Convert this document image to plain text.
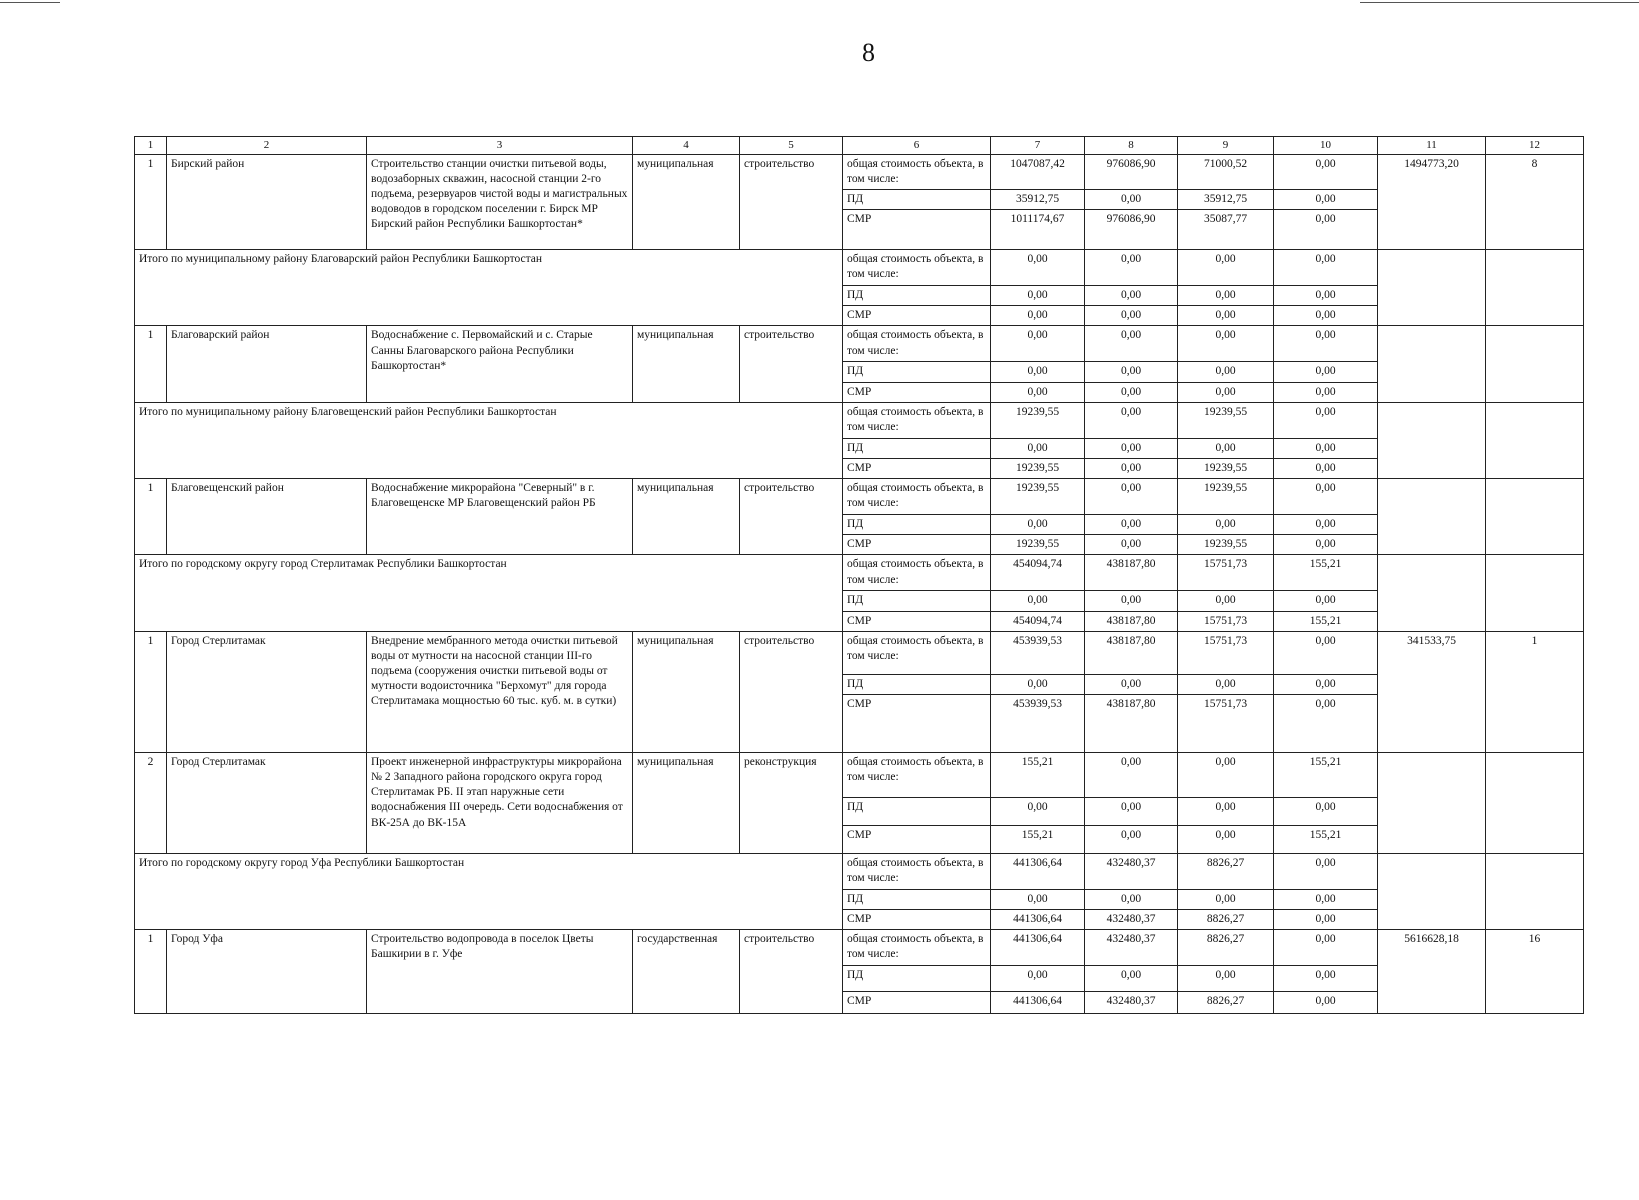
8
1	2	3	4	5	6	7	8	9	10	11	12
1	Бирский район	Строительство станции очистки питьевой воды, водозаборных скважин, насосной станции 2-го подъема, резервуаров чистой воды и магистральных водоводов в городском поселении г. Бирск МР Бирский район Республики Башкортостан*	муниципальная	строительство	общая стоимость объекта, в том числе:	1047087,42	976086,90	71000,52	0,00	1494773,20	8
					ПД	35912,75	0,00	35912,75	0,00		
					СМР	1011174,67	976086,90	35087,77	0,00		
Итого по муниципальному району Благоварский район Республики Башкортостан					общая стоимость объекта, в том числе:	0,00	0,00	0,00	0,00		
					ПД	0,00	0,00	0,00	0,00		
					СМР	0,00	0,00	0,00	0,00		
1	Благоварский район	Водоснабжение с. Первомайский и с. Старые Санны Благоварского района Республики Башкортостан*	муниципальная	строительство	общая стоимость объекта, в том числе:	0,00	0,00	0,00	0,00		
					ПД	0,00	0,00	0,00	0,00		
					СМР	0,00	0,00	0,00	0,00		
Итого по муниципальному району Благовещенский район Республики Башкортостан					общая стоимость объекта, в том числе:	19239,55	0,00	19239,55	0,00		
					ПД	0,00	0,00	0,00	0,00		
					СМР	19239,55	0,00	19239,55	0,00		
1	Благовещенский район	Водоснабжение микрорайона "Северный" в г. Благовещенске МР Благовещенский район РБ	муниципальная	строительство	общая стоимость объекта, в том числе:	19239,55	0,00	19239,55	0,00		
					ПД	0,00	0,00	0,00	0,00		
					СМР	19239,55	0,00	19239,55	0,00		
Итого по городскому округу город Стерлитамак Республики Башкортостан					общая стоимость объекта, в том числе:	454094,74	438187,80	15751,73	155,21		
					ПД	0,00	0,00	0,00	0,00		
					СМР	454094,74	438187,80	15751,73	155,21		
1	Город Стерлитамак	Внедрение мембранного метода очистки питьевой воды от мутности на насосной станции III-го подъема (сооружения очистки питьевой воды от мутности водоисточника "Берхомут" для города Стерлитамака мощностью 60 тыс. куб. м. в сутки)	муниципальная	строительство	общая стоимость объекта, в том числе:	453939,53	438187,80	15751,73	0,00	341533,75	1
					ПД	0,00	0,00	0,00	0,00		
					СМР	453939,53	438187,80	15751,73	0,00		
2	Город Стерлитамак	Проект инженерной инфраструктуры микрорайона № 2 Западного района городского округа город Стерлитамак РБ. II этап наружные сети водоснабжения III очередь. Сети водоснабжения от ВК-25А до ВК-15А	муниципальная	реконструкция	общая стоимость объекта, в том числе:	155,21	0,00	0,00	155,21		
					ПД	0,00	0,00	0,00	0,00		
					СМР	155,21	0,00	0,00	155,21		
Итого по городскому округу город Уфа Республики Башкортостан					общая стоимость объекта, в том числе:	441306,64	432480,37	8826,27	0,00		
					ПД	0,00	0,00	0,00	0,00		
					СМР	441306,64	432480,37	8826,27	0,00		
1	Город Уфа	Строительство водопровода в поселок Цветы Башкирии в г. Уфе	государственная	строительство	общая стоимость объекта, в том числе:	441306,64	432480,37	8826,27	0,00	5616628,18	16
					ПД	0,00	0,00	0,00	0,00		
					СМР	441306,64	432480,37	8826,27	0,00		
